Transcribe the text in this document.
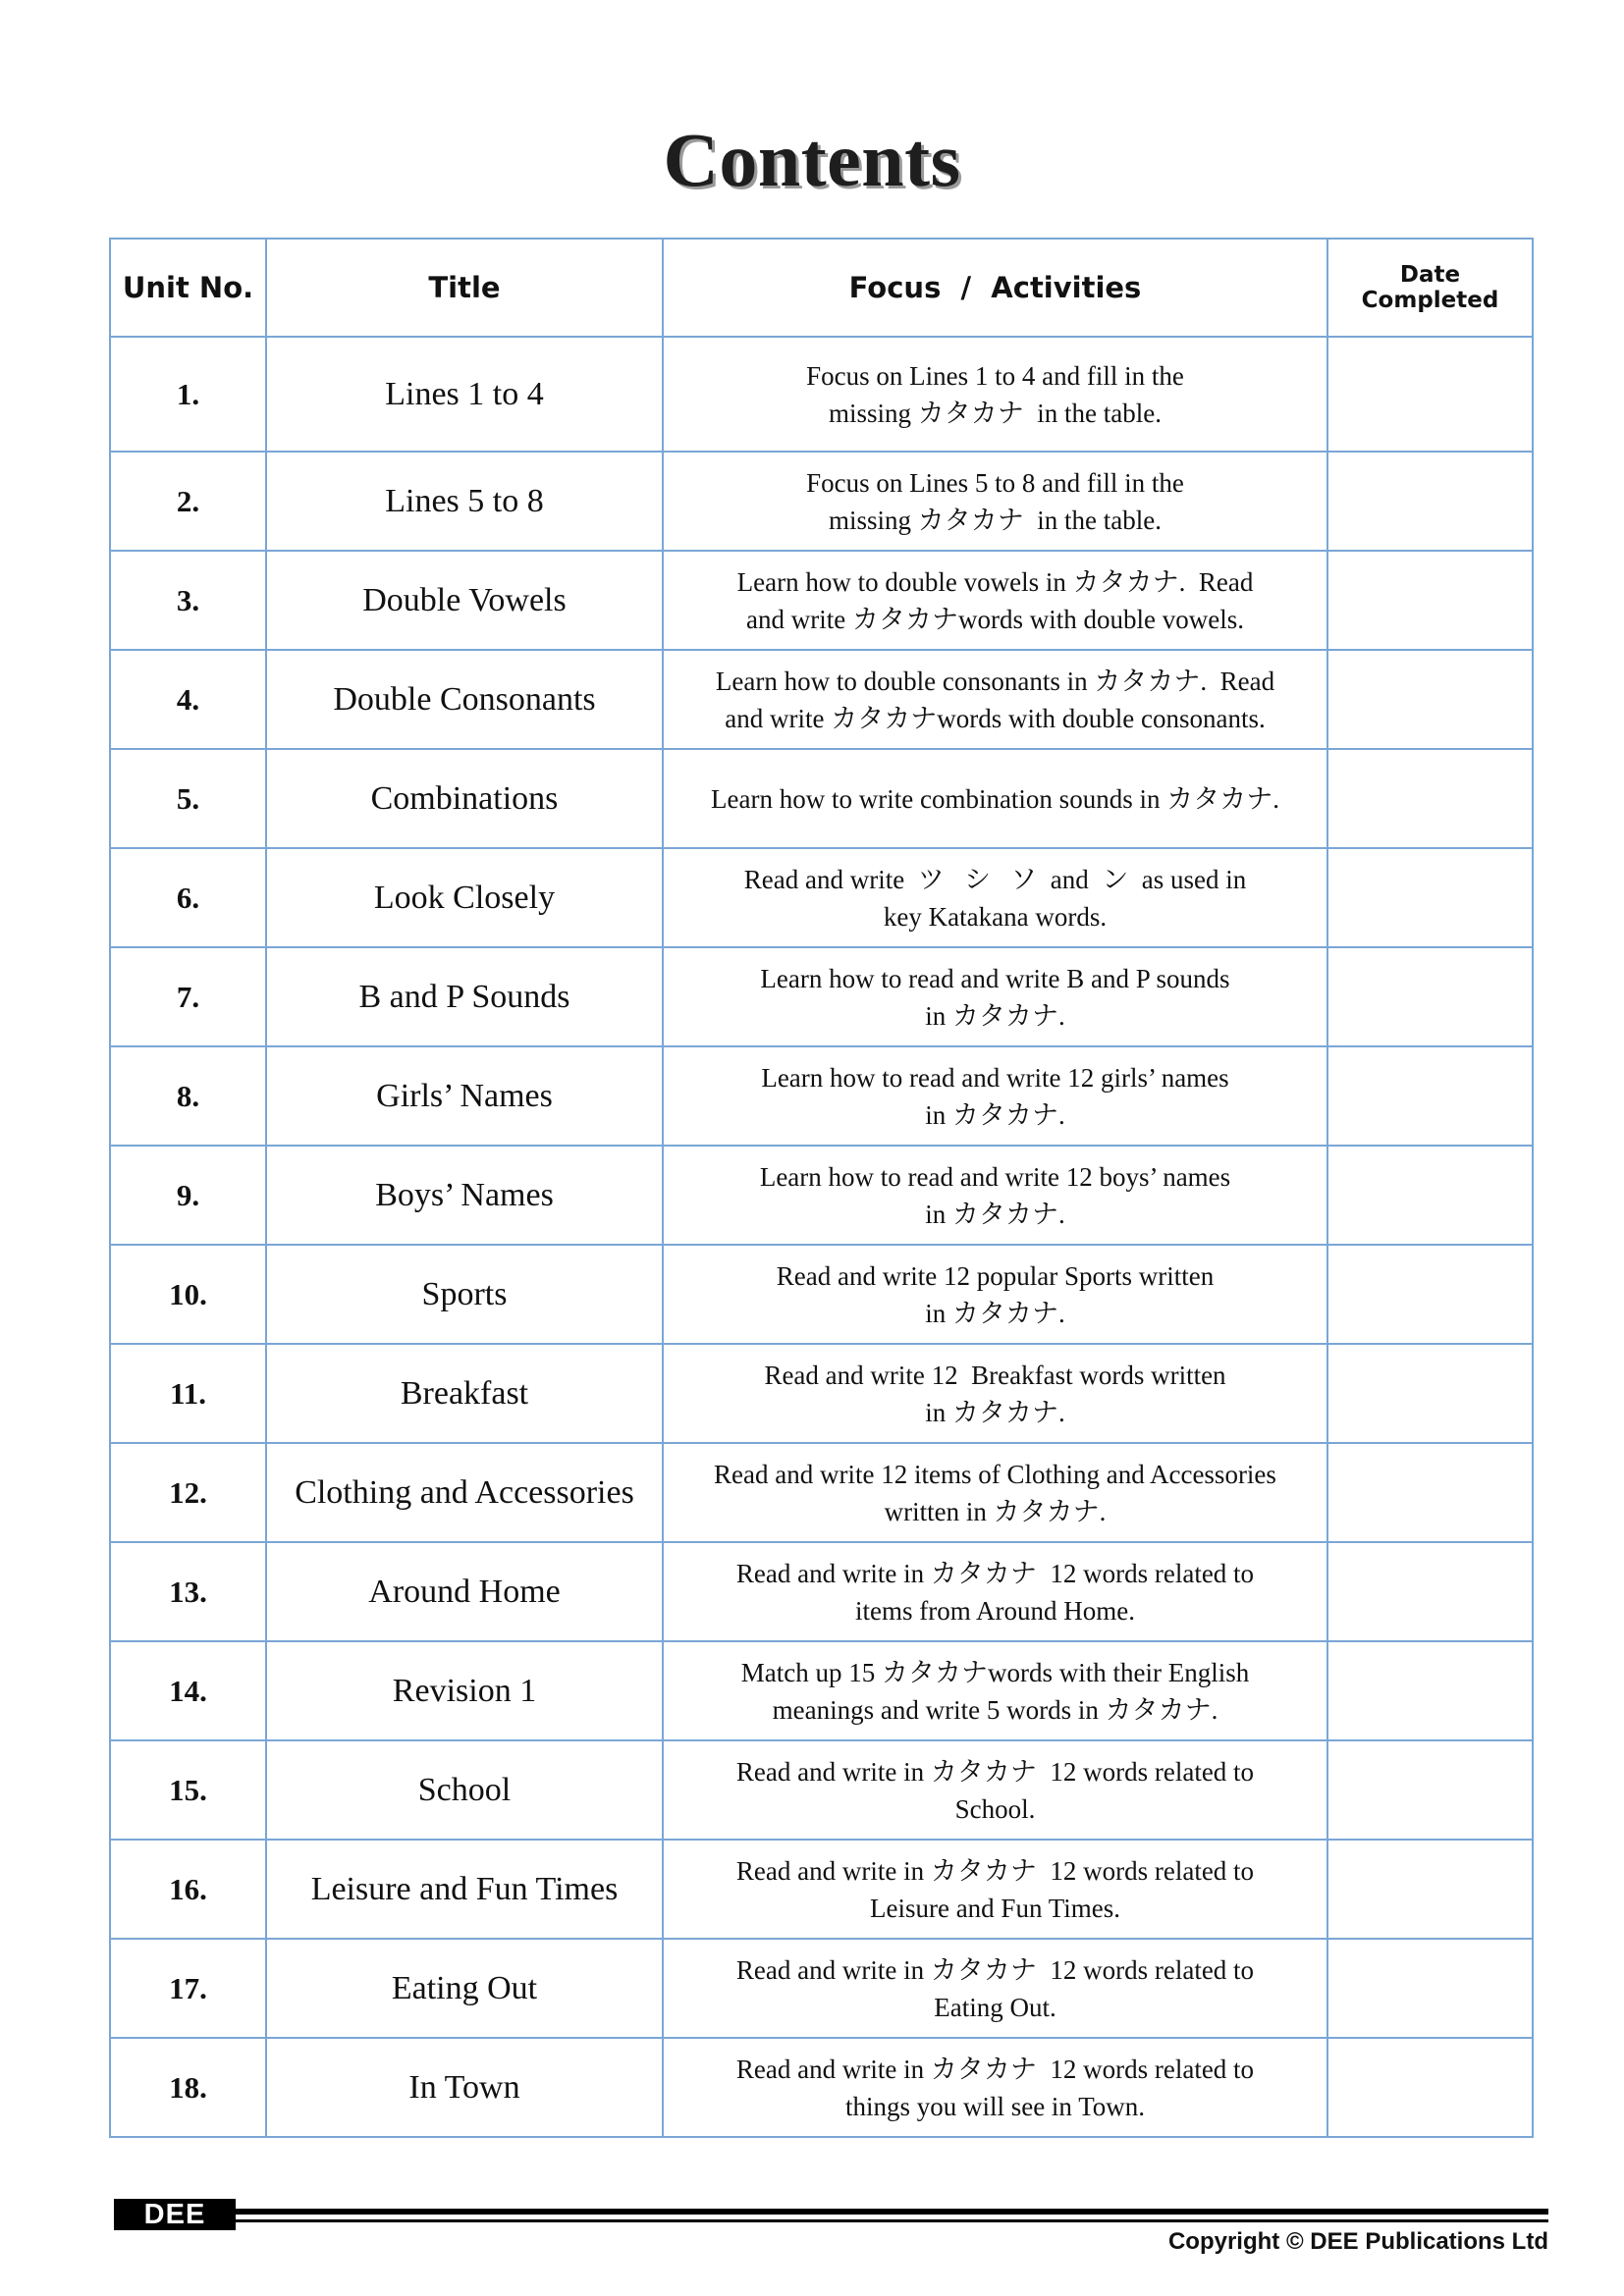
Contents
Unit No.	Title	Focus  /  Activities	Date Completed
1.	Lines 1 to 4	Focus on Lines 1 to 4 and fill in the
missing カタカナ  in the table.	

2.	Lines 5 to 8	Focus on Lines 5 to 8 and fill in the
missing カタカナ  in the table.	

3.	Double Vowels	Learn how to double vowels in カタカナ.  Read
and write カタカナwords with double vowels.	

4.	Double Consonants	Learn how to double consonants in カタカナ.  Read
and write カタカナwords with double consonants.	

5.	Combinations	Learn how to write combination sounds in カタカナ.	

6.	Look Closely	Read and write  ツ   シ   ソ  and  ン  as used in
key Katakana words.	

7.	B and P Sounds	Learn how to read and write B and P sounds
in カタカナ.	

8.	Girls’ Names	Learn how to read and write 12 girls’ names
in カタカナ.	

9.	Boys’ Names	Learn how to read and write 12 boys’ names
in カタカナ.	

10.	Sports	Read and write 12 popular Sports written
in カタカナ.	

11.	Breakfast	Read and write 12  Breakfast words written
in カタカナ.	

12.	Clothing and Accessories	Read and write 12 items of Clothing and Accessories
written in カタカナ.	

13.	Around Home	Read and write in カタカナ  12 words related to
items from Around Home.	

14.	Revision 1	Match up 15 カタカナwords with their English
meanings and write 5 words in カタカナ.	

15.	School	Read and write in カタカナ  12 words related to
School.	

16.	Leisure and Fun Times	Read and write in カタカナ  12 words related to
Leisure and Fun Times.	

17.	Eating Out	Read and write in カタカナ  12 words related to
Eating Out.	

18.	In Town	Read and write in カタカナ  12 words related to
things you will see in Town.	

DEE
Copyright © DEE Publications Ltd
